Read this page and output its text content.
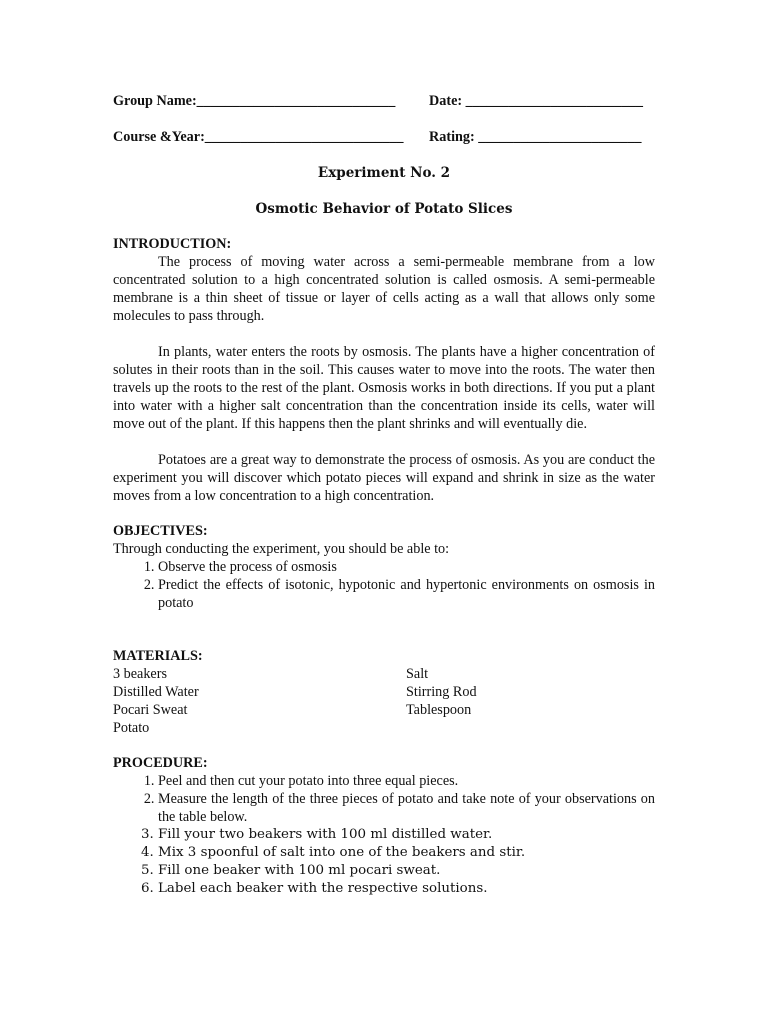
Group Name:____________________________ Date: _________________________
Course &Year:____________________________ Rating: _______________________
Experiment No. 2
Osmotic Behavior of Potato Slices
INTRODUCTION:

The process of moving water across a semi-permeable membrane from a low concentrated solution to a high concentrated solution is called osmosis. A semi-permeable membrane is a thin sheet of tissue or layer of cells acting as a wall that allows only some molecules to pass through.

In plants, water enters the roots by osmosis. The plants have a higher concentration of solutes in their roots than in the soil. This causes water to move into the roots. The water then travels up the roots to the rest of the plant. Osmosis works in both directions. If you put a plant into water with a higher salt concentration than the concentration inside its cells, water will move out of the plant. If this happens then the plant shrinks and will eventually die.

Potatoes are a great way to demonstrate the process of osmosis. As you are conduct the experiment you will discover which potato pieces will expand and shrink in size as the water moves from a low concentration to a high concentration.

OBJECTIVES:
Through conducting the experiment, you should be able to:
1. Observe the process of osmosis
2. Predict the effects of isotonic, hypotonic and hypertonic environments on osmosis in potato
MATERIALS:
3 beakers
Distilled Water
Pocari Sweat
Potato
Salt
Stirring Rod
Tablespoon
PROCEDURE:
1. Peel and then cut your potato into three equal pieces.
2. Measure the length of the three pieces of potato and take note of your observations on the table below.
3. Fill your two beakers with 100 ml distilled water.
4. Mix 3 spoonful of salt into one of the beakers and stir.
5. Fill one beaker with 100 ml pocari sweat.
6. Label each beaker with the respective solutions.
